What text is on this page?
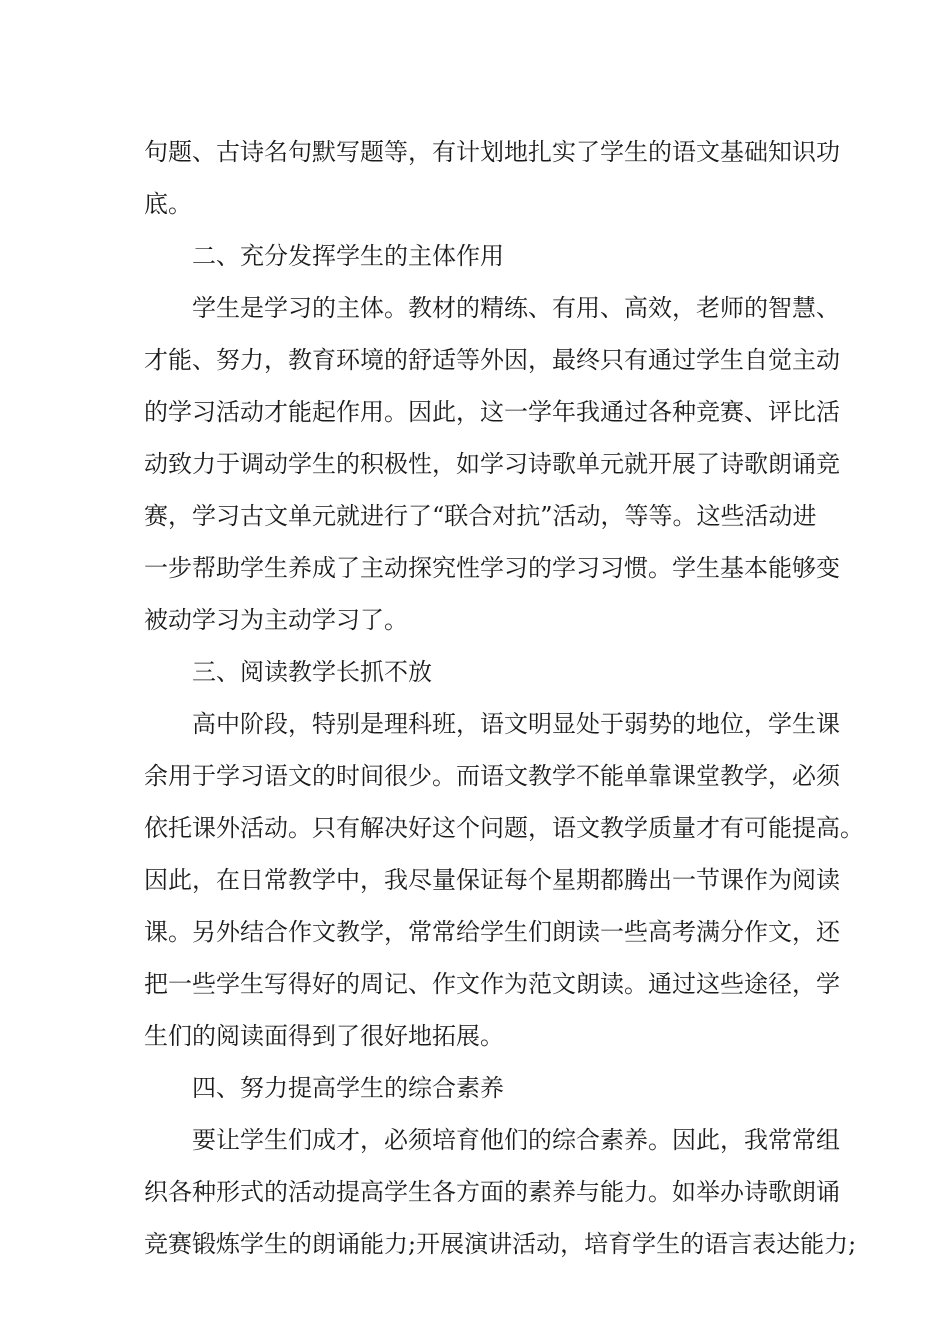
句题、古诗名句默写题等，有计划地扎实了学生的语文基础知识功
底。
二、充分发挥学生的主体作用
学生是学习的主体。教材的精练、有用、高效，老师的智慧、
才能、努力，教育环境的舒适等外因，最终只有通过学生自觉主动
的学习活动才能起作用。因此，这一学年我通过各种竞赛、评比活
动致力于调动学生的积极性，如学习诗歌单元就开展了诗歌朗诵竞
赛，学习古文单元就进行了“联合对抗”活动，等等。这些活动进
一步帮助学生养成了主动探究性学习的学习习惯。学生基本能够变
被动学习为主动学习了。
三、阅读教学长抓不放
高中阶段，特别是理科班，语文明显处于弱势的地位，学生课
余用于学习语文的时间很少。而语文教学不能单靠课堂教学，必须
依托课外活动。只有解决好这个问题，语文教学质量才有可能提高。
因此，在日常教学中，我尽量保证每个星期都腾出一节课作为阅读
课。另外结合作文教学，常常给学生们朗读一些高考满分作文，还
把一些学生写得好的周记、作文作为范文朗读。通过这些途径，学
生们的阅读面得到了很好地拓展。
四、努力提高学生的综合素养
要让学生们成才，必须培育他们的综合素养。因此，我常常组
织各种形式的活动提高学生各方面的素养与能力。如举办诗歌朗诵
竞赛锻炼学生的朗诵能力;开展演讲活动，培育学生的语言表达能力;
